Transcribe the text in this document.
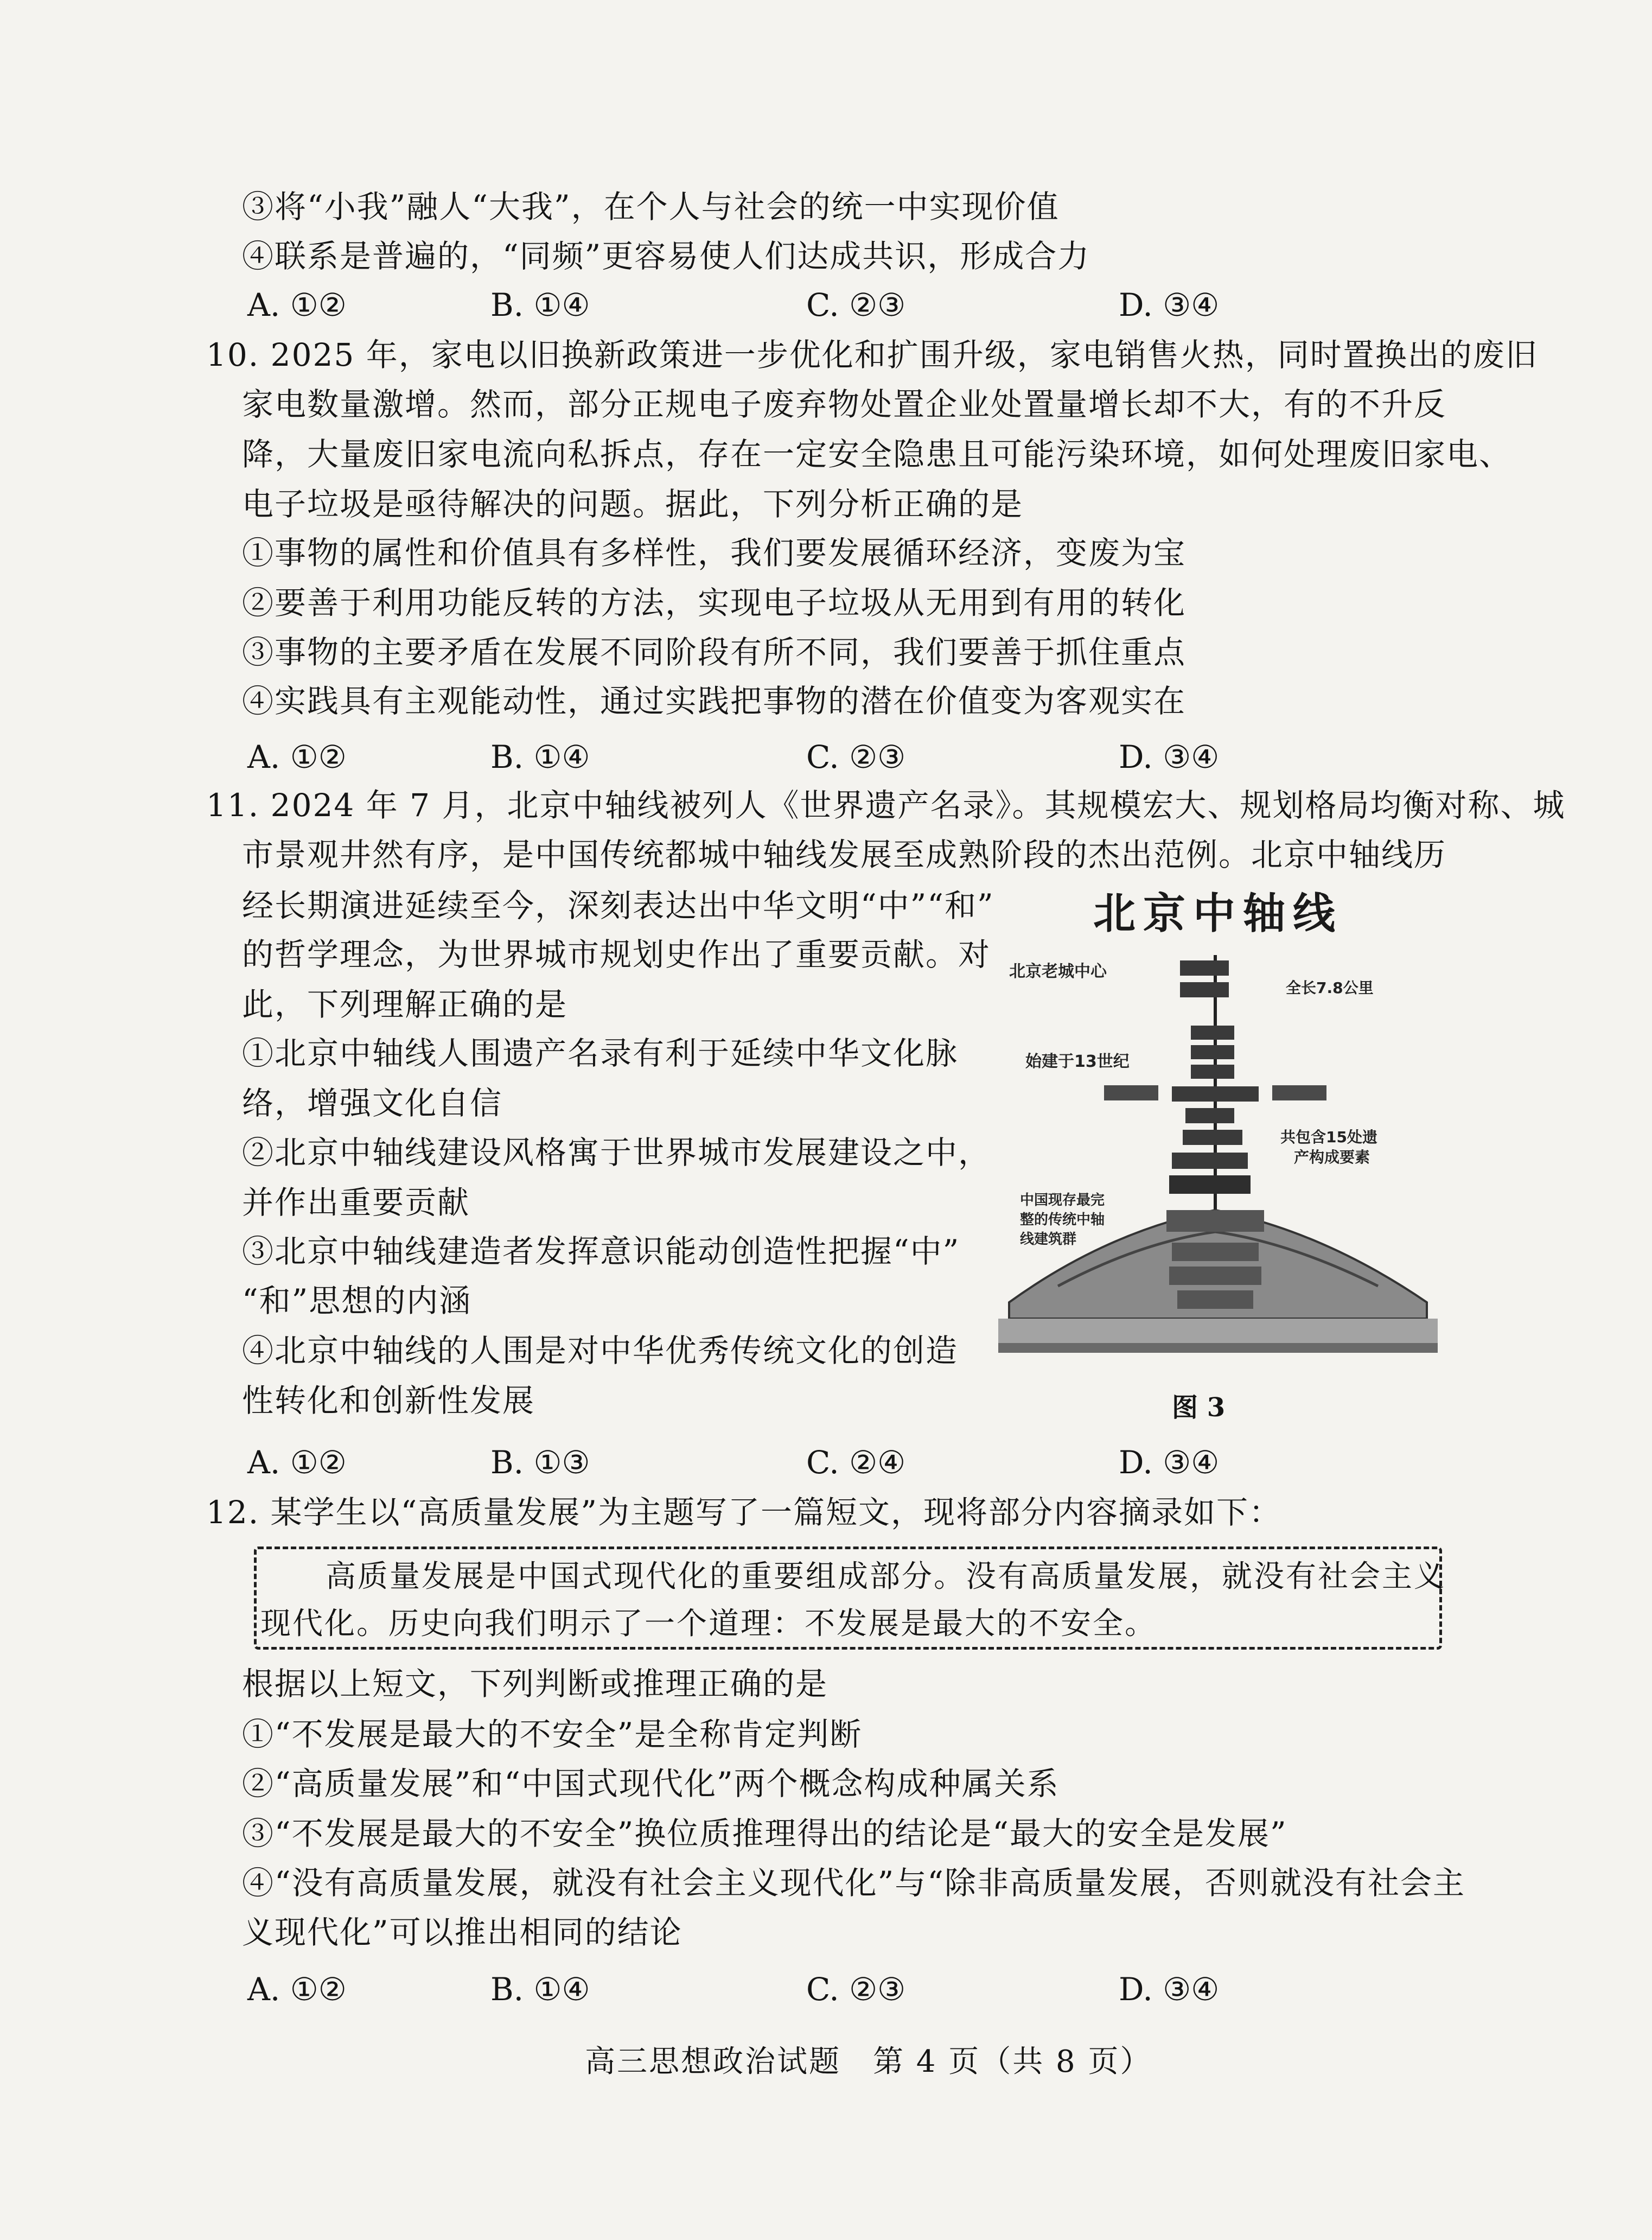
③将“小我”融人“大我”，在个人与社会的统一中实现价值
④联系是普遍的，“同频”更容易使人们达成共识，形成合力
A. ①②	B. ①④	C. ②③	D. ③④
10. 2025 年，家电以旧换新政策进一步优化和扩围升级，家电销售火热，同时置换出的废旧
家电数量激增。然而，部分正规电子废弃物处置企业处置量增长却不大，有的不升反
降，大量废旧家电流向私拆点，存在一定安全隐患且可能污染环境，如何处理废旧家电、
电子垃圾是亟待解决的问题。据此，下列分析正确的是
①事物的属性和价值具有多样性，我们要发展循环经济，变废为宝
②要善于利用功能反转的方法，实现电子垃圾从无用到有用的转化
③事物的主要矛盾在发展不同阶段有所不同，我们要善于抓住重点
④实践具有主观能动性，通过实践把事物的潜在价值变为客观实在
A. ①②	B. ①④	C. ②③	D. ③④
11. 2024 年 7 月，北京中轴线被列人《世界遗产名录》。其规模宏大、规划格局均衡对称、城
市景观井然有序，是中国传统都城中轴线发展至成熟阶段的杰出范例。北京中轴线历
经长期演进延续至今，深刻表达出中华文明“中”“和”
的哲学理念，为世界城市规划史作出了重要贡献。对
此，下列理解正确的是
①北京中轴线人围遗产名录有利于延续中华文化脉
络，增强文化自信
②北京中轴线建设风格寓于世界城市发展建设之中，
并作出重要贡献
③北京中轴线建造者发挥意识能动创造性把握“中”
“和”思想的内涵
④北京中轴线的人围是对中华优秀传统文化的创造
性转化和创新性发展
A. ①②	B. ①③	C. ②④	D. ③④
北京中轴线
北京老城中心
全长7.8公里
始建于13世纪
共包含15处遗
产构成要素
中国现存最完
整的传统中轴
线建筑群
图 3
12. 某学生以“高质量发展”为主题写了一篇短文，现将部分内容摘录如下：
高质量发展是中国式现代化的重要组成部分。没有高质量发展，就没有社会主义
现代化。历史向我们明示了一个道理：不发展是最大的不安全。
根据以上短文，下列判断或推理正确的是
①“不发展是最大的不安全”是全称肯定判断
②“高质量发展”和“中国式现代化”两个概念构成种属关系
③“不发展是最大的不安全”换位质推理得出的结论是“最大的安全是发展”
④“没有高质量发展，就没有社会主义现代化”与“除非高质量发展，否则就没有社会主
义现代化”可以推出相同的结论
A. ①②	B. ①④	C. ②③	D. ③④
高三思想政治试题　第 4 页（共 8 页）
